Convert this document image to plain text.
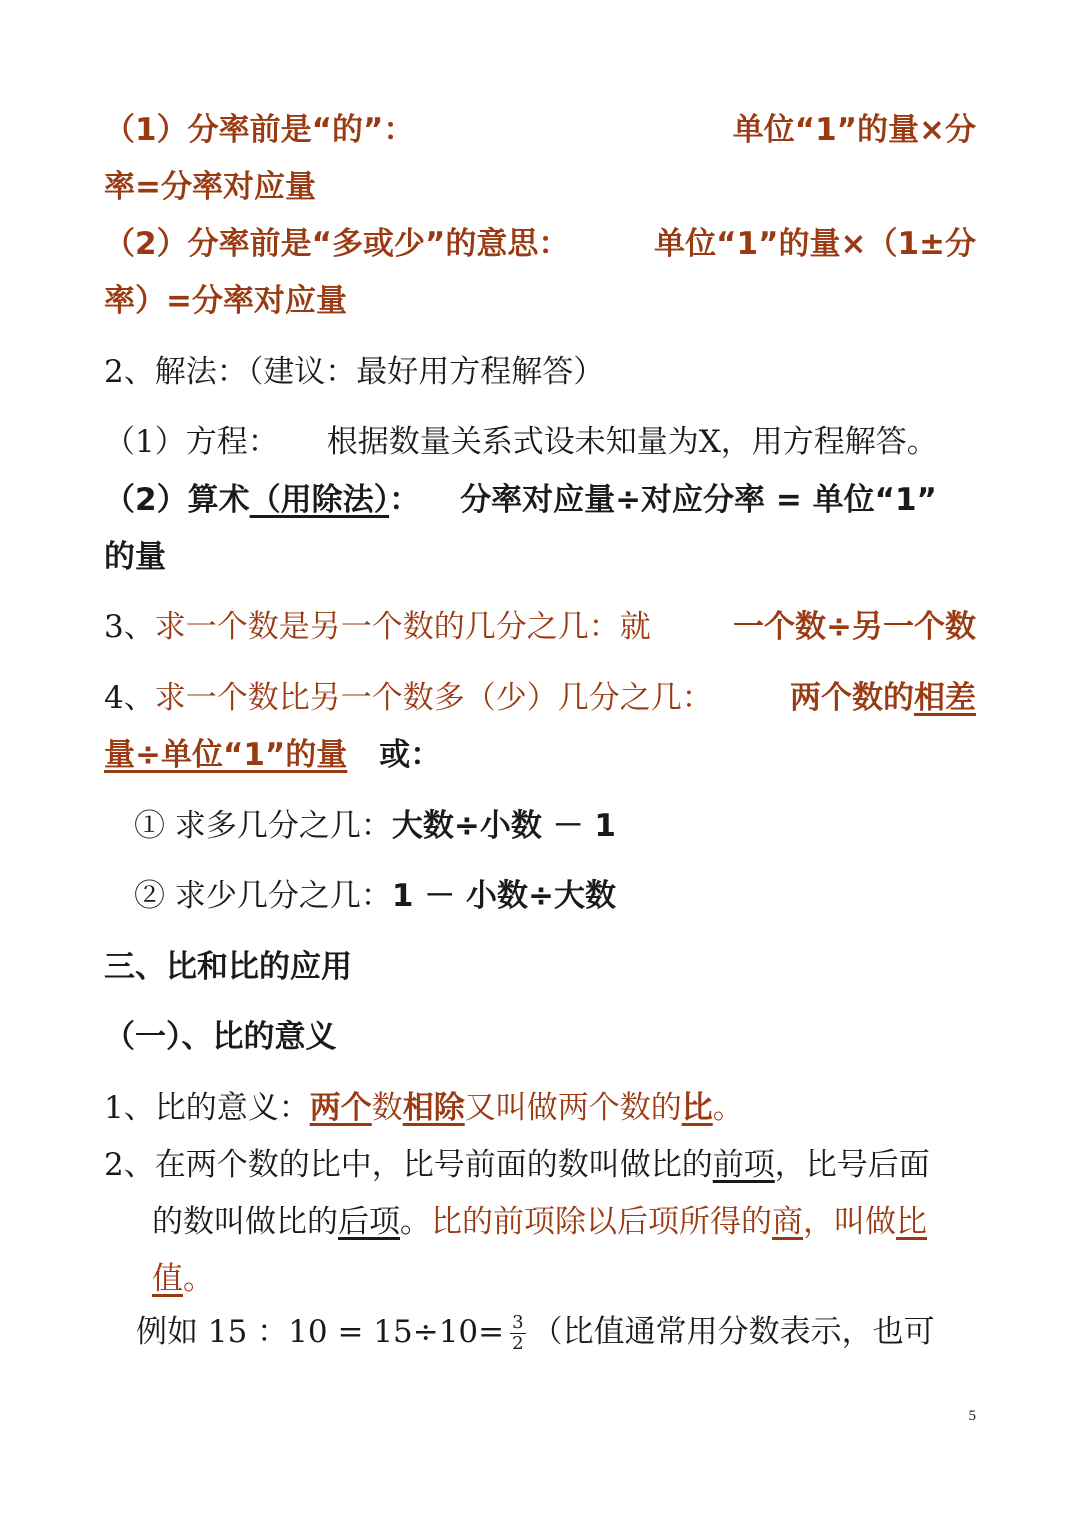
（1）分率前是“的”：	单位“1”的量×分
率=分率对应量
（2）分率前是“多或少”的意思：	单位“1”的量×（1±分
率）=分率对应量
2、解法：（建议：最好用方程解答）
（1）方程： 根据数量关系式设未知量为X，用方程解答。
（2）算术（用除法）： 分率对应量÷对应分率 = 单位“1”
的量
3、求一个数是另一个数的几分之几：就	一个数÷另一个数
4、求一个数比另一个数多（少）几分之几： 两个数的相差
量÷单位“1”的量 或：
① 求多几分之几：大数÷小数 － 1
② 求少几分之几：1 － 小数÷大数
三、比和比的应用
（一）、比的意义
1、比的意义：两个数相除又叫做两个数的比。
2、在两个数的比中，比号前面的数叫做比的前项，比号后面
的数叫做比的后项。比的前项除以后项所得的商，叫做比
值。
例如 15 ：$10 = 15\div 10= \frac{3}{2}$ （比值通常用分数表示，也可
5
